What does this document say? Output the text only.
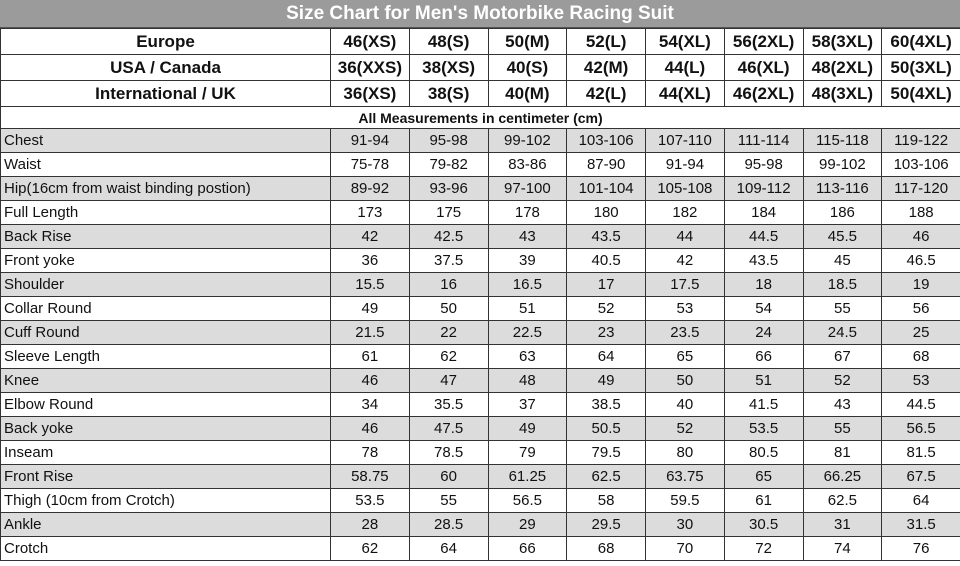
Size Chart for Men's Motorbike Racing Suit
Europe	46(XS)	48(S)	50(M)	52(L)	54(XL)	56(2XL)	58(3XL)	60(4XL)
USA / Canada	36(XXS)	38(XS)	40(S)	42(M)	44(L)	46(XL)	48(2XL)	50(3XL)
International / UK	36(XS)	38(S)	40(M)	42(L)	44(XL)	46(2XL)	48(3XL)	50(4XL)
All Measurements in centimeter (cm)								
Chest	91-94	95-98	99-102	103-106	107-110	111-114	115-118	119-122
Waist	75-78	79-82	83-86	87-90	91-94	95-98	99-102	103-106
Hip(16cm from waist binding postion)	89-92	93-96	97-100	101-104	105-108	109-112	113-116	117-120
Full Length	173	175	178	180	182	184	186	188
Back Rise	42	42.5	43	43.5	44	44.5	45.5	46
Front yoke	36	37.5	39	40.5	42	43.5	45	46.5
Shoulder	15.5	16	16.5	17	17.5	18	18.5	19
Collar Round	49	50	51	52	53	54	55	56
Cuff Round	21.5	22	22.5	23	23.5	24	24.5	25
Sleeve Length	61	62	63	64	65	66	67	68
Knee	46	47	48	49	50	51	52	53
Elbow Round	34	35.5	37	38.5	40	41.5	43	44.5
Back yoke	46	47.5	49	50.5	52	53.5	55	56.5
Inseam	78	78.5	79	79.5	80	80.5	81	81.5
Front Rise	58.75	60	61.25	62.5	63.75	65	66.25	67.5
Thigh (10cm from Crotch)	53.5	55	56.5	58	59.5	61	62.5	64
Ankle	28	28.5	29	29.5	30	30.5	31	31.5
Crotch	62	64	66	68	70	72	74	76
